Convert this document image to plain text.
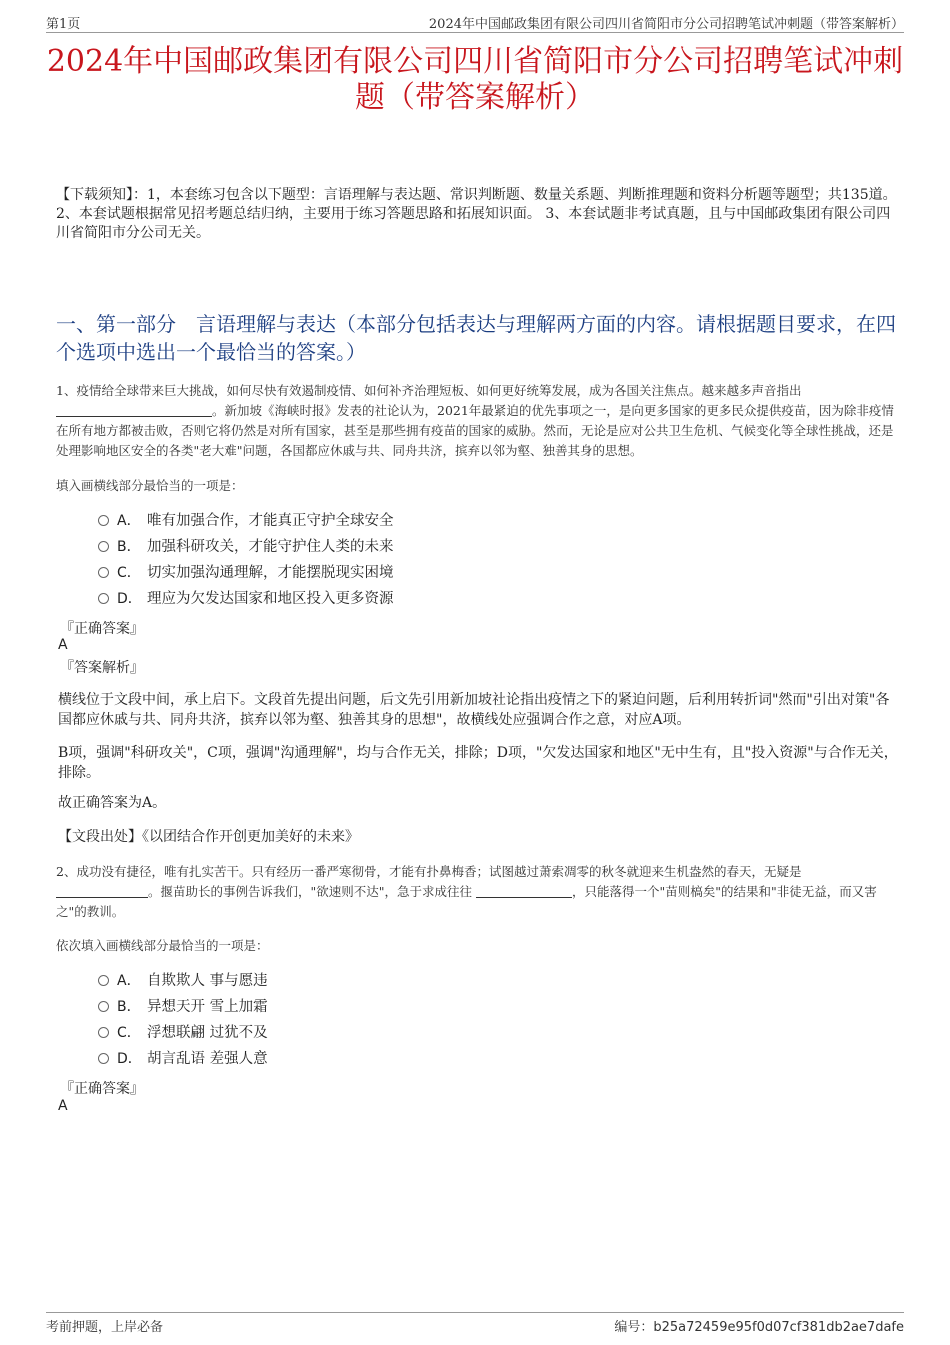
第1页	2024年中国邮政集团有限公司四川省简阳市分公司招聘笔试冲刺题（带答案解析）
2024年中国邮政集团有限公司四川省简阳市分公司招聘笔试冲刺题（带答案解析）
【下载须知】：1，本套练习包含以下题型：言语理解与表达题、常识判断题、数量关系题、判断推理题和资料分析题等题型；共135道。 2、本套试题根据常见招考题总结归纳，主要用于练习答题思路和拓展知识面。 3、本套试题非考试真题，且与中国邮政集团有限公司四川省简阳市分公司无关。
一、第一部分　言语理解与表达（本部分包括表达与理解两方面的内容。请根据题目要求，在四个选项中选出一个最恰当的答案。）
1、疫情给全球带来巨大挑战，如何尽快有效遏制疫情、如何补齐治理短板、如何更好统筹发展，成为各国关注焦点。越来越多声音指出
。新加坡《海峡时报》发表的社论认为，2021年最紧迫的优先事项之一，是向更多国家的更多民众提供疫苗，因为除非疫情在所有地方都被击败，否则它将仍然是对所有国家，甚至是那些拥有疫苗的国家的威胁。然而，无论是应对公共卫生危机、气候变化等全球性挑战，还是处理影响地区安全的各类"老大难"问题，各国都应休戚与共、同舟共济，摈弃以邻为壑、独善其身的思想。
填入画横线部分最恰当的一项是：
A． 唯有加强合作，才能真正守护全球安全
B． 加强科研攻关，才能守护住人类的未来
C． 切实加强沟通理解，才能摆脱现实困境
D． 理应为欠发达国家和地区投入更多资源
『正确答案』
A
『答案解析』
横线位于文段中间，承上启下。文段首先提出问题，后文先引用新加坡社论指出疫情之下的紧迫问题，后利用转折词"然而"引出对策"各国都应休戚与共、同舟共济，摈弃以邻为壑、独善其身的思想"，故横线处应强调合作之意，对应A项。
B项，强调"科研攻关"，C项，强调"沟通理解"，均与合作无关，排除；D项，"欠发达国家和地区"无中生有，且"投入资源"与合作无关，排除。
故正确答案为A。
【文段出处】《以团结合作开创更加美好的未来》
2、成功没有捷径，唯有扎实苦干。只有经历一番严寒彻骨，才能有扑鼻梅香；试图越过萧索凋零的秋冬就迎来生机盎然的春天，无疑是
。揠苗助长的事例告诉我们，"欲速则不达"，急于求成往往	，只能落得一个"苗则槁矣"的结果和"非徒无益，而又害之"的教训。
依次填入画横线部分最恰当的一项是：
A． 自欺欺人 事与愿违
B． 异想天开 雪上加霜
C． 浮想联翩 过犹不及
D． 胡言乱语 差强人意
『正确答案』
A
考前押题，上岸必备	编号：b25a72459e95f0d07cf381db2ae7dafe
